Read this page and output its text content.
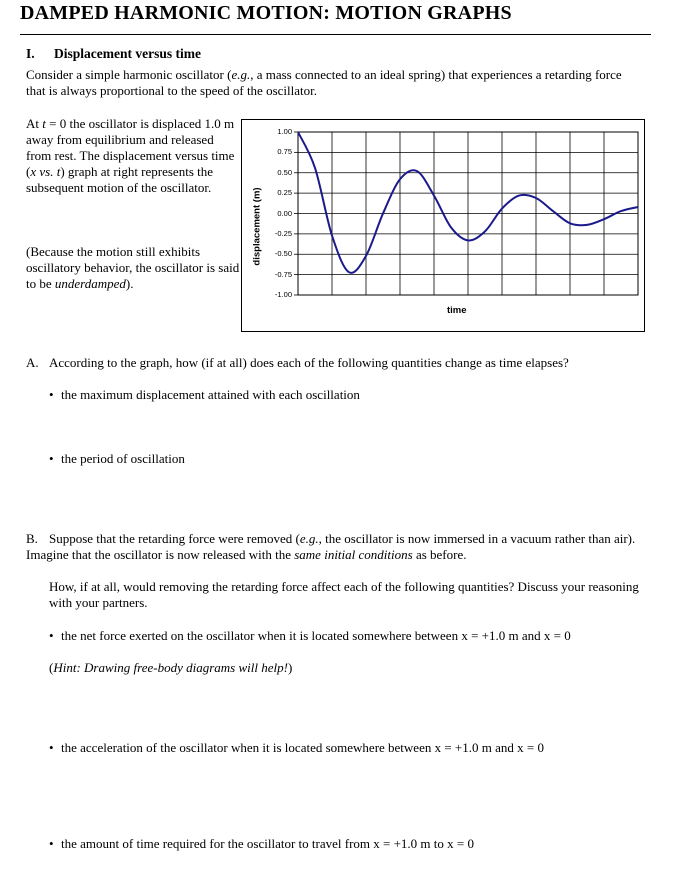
DAMPED HARMONIC MOTION: MOTION GRAPHS
I. Displacement versus time
Consider a simple harmonic oscillator (e.g., a mass connected to an ideal spring) that experiences a retarding force that is always proportional to the speed of the oscillator.
At t = 0 the oscillator is displaced 1.0 m away from equilibrium and released from rest. The displacement versus time (x vs. t) graph at right represents the subsequent motion of the oscillator.
(Because the motion still exhibits oscillatory behavior, the oscillator is said to be underdamped).
displacement (m)
1.00
0.75
0.50
0.25
0.00
-0.25
-0.50
-0.75
-1.00
time
A. According to the graph, how (if at all) does each of the following quantities change as time elapses?
• the maximum displacement attained with each oscillation
• the period of oscillation
B. Suppose that the retarding force were removed (e.g., the oscillator is now immersed in a vacuum rather than air). Imagine that the oscillator is now released with the same initial conditions as before.
How, if at all, would removing the retarding force affect each of the following quantities? Discuss your reasoning with your partners.
• the net force exerted on the oscillator when it is located somewhere between x = +1.0 m and x = 0
(Hint: Drawing free-body diagrams will help!)
• the acceleration of the oscillator when it is located somewhere between x = +1.0 m and x = 0
• the amount of time required for the oscillator to travel from x = +1.0 m to x = 0
